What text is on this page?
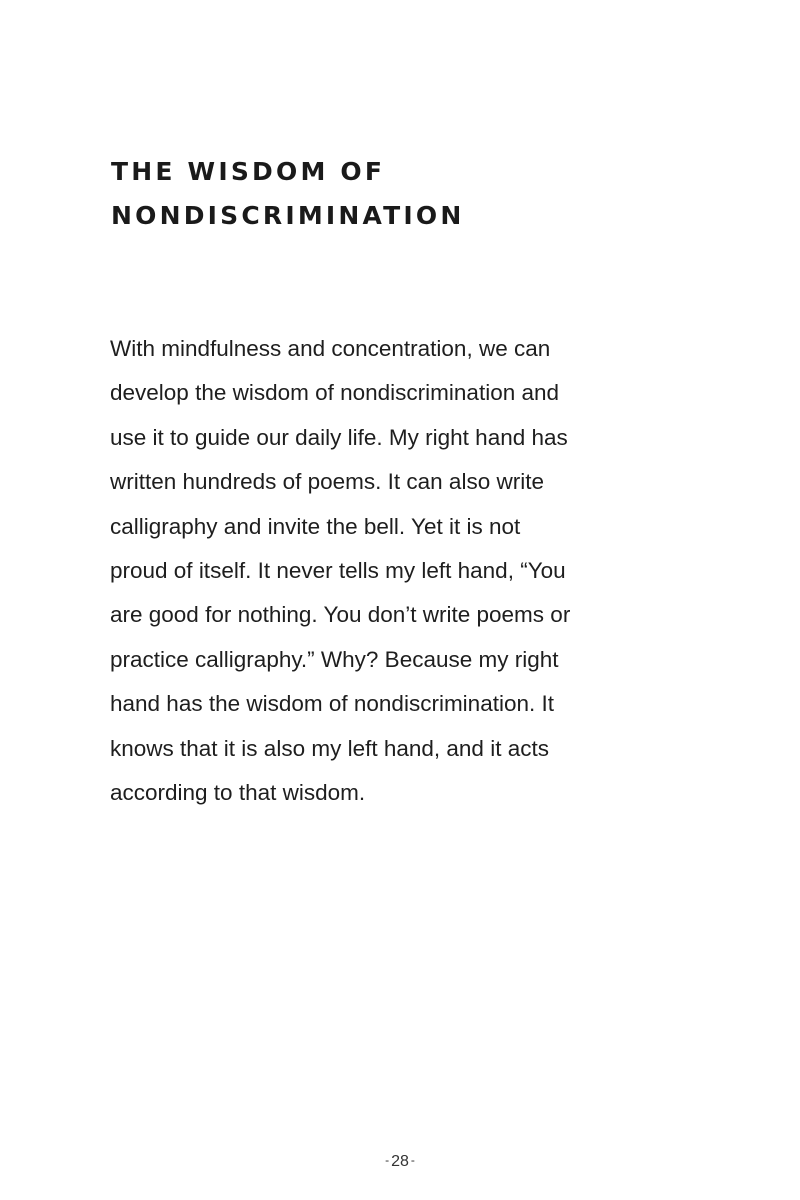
THE WISDOM OF
NONDISCRIMINATION

With mindfulness and concentration, we can
develop the wisdom of nondiscrimination and
use it to guide our daily life. My right hand has
written hundreds of poems. It can also write
calligraphy and invite the bell. Yet it is not
proud of itself. It never tells my left hand, “You
are good for nothing. You don’t write poems or
practice calligraphy.” Why? Because my right
hand has the wisdom of nondiscrimination. It
knows that it is also my left hand, and it acts
according to that wisdom.

- 28 -
